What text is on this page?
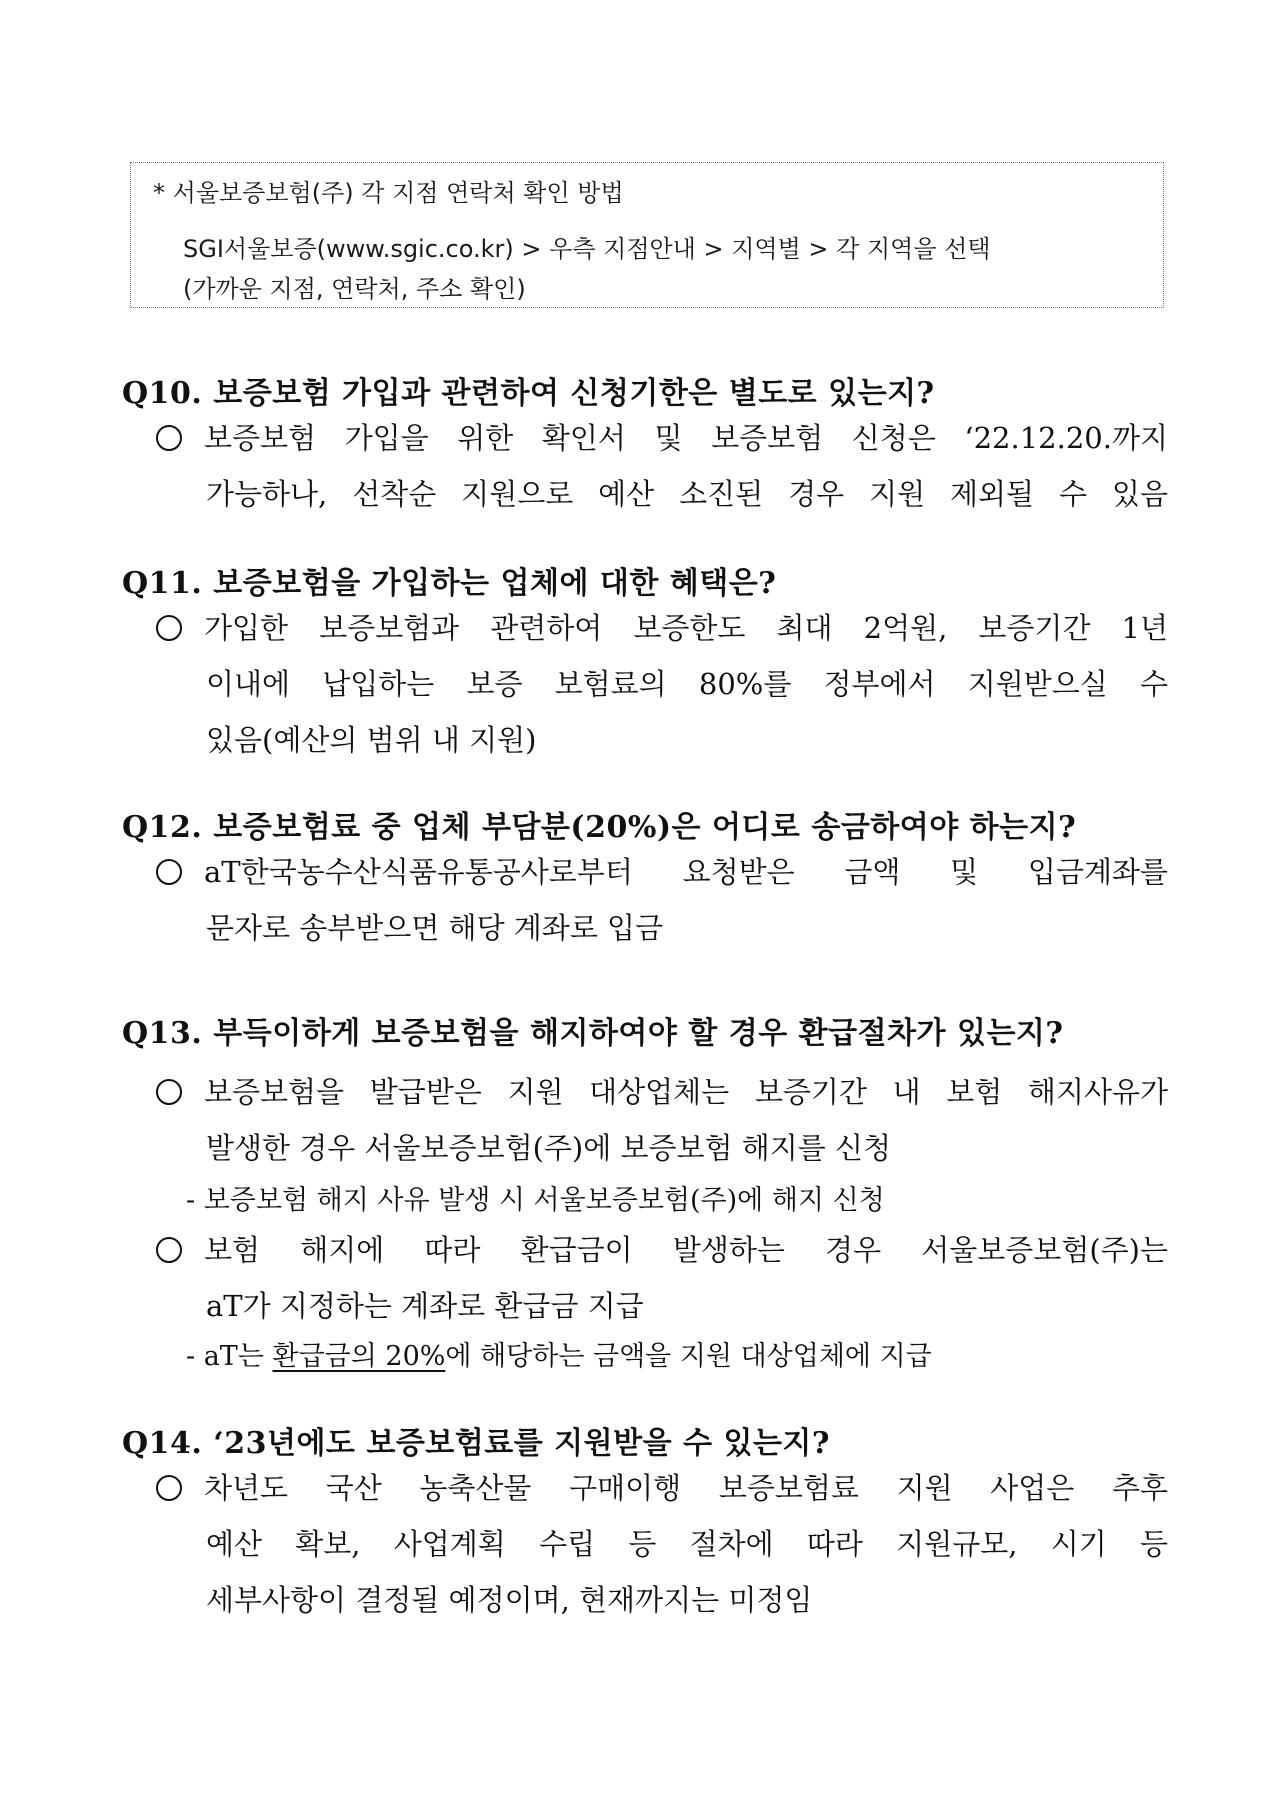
* 서울보증보험(주) 각 지점 연락처 확인 방법
SGI서울보증(www.sgic.co.kr) > 우측 지점안내 > 지역별 > 각 지역을 선택
(가까운 지점, 연락처, 주소 확인)
Q10. 보증보험 가입과 관련하여 신청기한은 별도로 있는지?
보증보험 가입을 위한 확인서 및 보증보험 신청은 ‘22.12.20.까지
가능하나, 선착순 지원으로 예산 소진된 경우 지원 제외될 수 있음
Q11. 보증보험을 가입하는 업체에 대한 혜택은?
가입한 보증보험과 관련하여 보증한도 최대 2억원, 보증기간 1년
이내에 납입하는 보증 보험료의 80%를 정부에서 지원받으실 수
있음(예산의 범위 내 지원)
Q12. 보증보험료 중 업체 부담분(20%)은 어디로 송금하여야 하는지?
aT한국농수산식품유통공사로부터 요청받은 금액 및 입금계좌를
문자로 송부받으면 해당 계좌로 입금
Q13. 부득이하게 보증보험을 해지하여야 할 경우 환급절차가 있는지?
보증보험을 발급받은 지원 대상업체는 보증기간 내 보험 해지사유가
발생한 경우 서울보증보험(주)에 보증보험 해지를 신청
- 보증보험 해지 사유 발생 시 서울보증보험(주)에 해지 신청
보험 해지에 따라 환급금이 발생하는 경우 서울보증보험(주)는
aT가 지정하는 계좌로 환급금 지급
- aT는 환급금의 20%에 해당하는 금액을 지원 대상업체에 지급
Q14. ‘23년에도 보증보험료를 지원받을 수 있는지?
차년도 국산 농축산물 구매이행 보증보험료 지원 사업은 추후
예산 확보, 사업계획 수립 등 절차에 따라 지원규모, 시기 등
세부사항이 결정될 예정이며, 현재까지는 미정임
